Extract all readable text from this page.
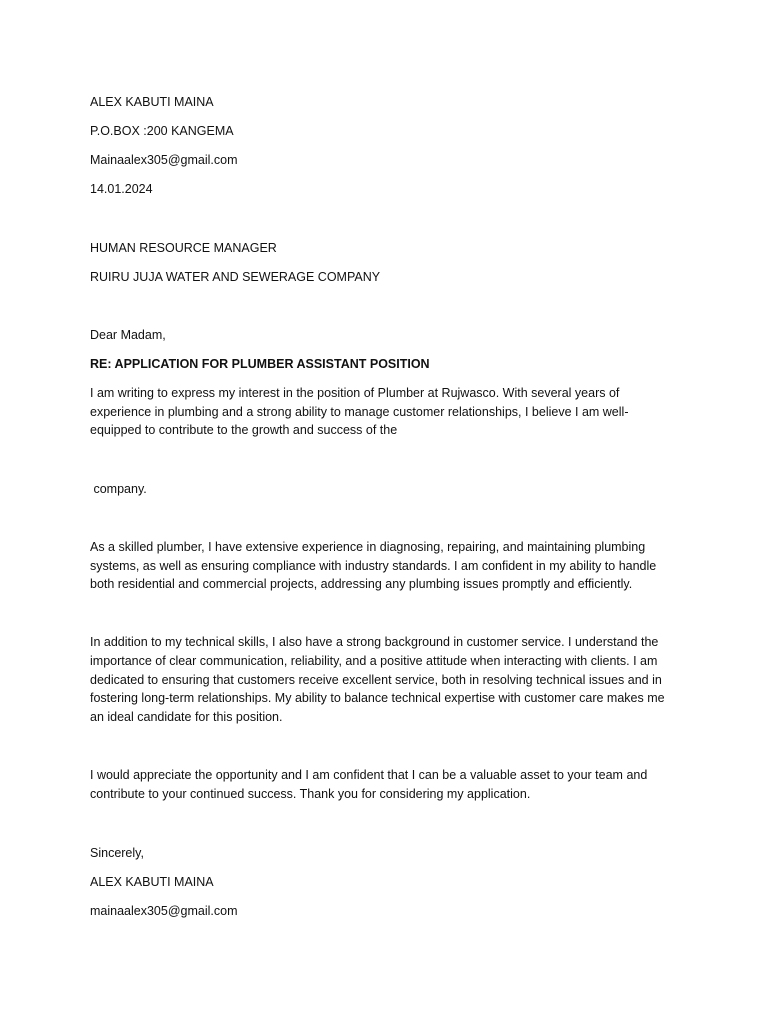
ALEX KABUTI MAINA

P.O.BOX :200 KANGEMA

Mainaalex305@gmail.com

14.01.2024

HUMAN RESOURCE MANAGER

RUIRU JUJA WATER AND SEWERAGE COMPANY

Dear Madam,

RE: APPLICATION FOR PLUMBER ASSISTANT POSITION

I am writing to express my interest in the position of Plumber at Rujwasco. With several years of

experience in plumbing and a strong ability to manage customer relationships, I believe I am well-

equipped to contribute to the growth and success of the

company.

As a skilled plumber, I have extensive experience in diagnosing, repairing, and maintaining plumbing

systems, as well as ensuring compliance with industry standards. I am confident in my ability to handle

both residential and commercial projects, addressing any plumbing issues promptly and efficiently.

In addition to my technical skills, I also have a strong background in customer service. I understand the

importance of clear communication, reliability, and a positive attitude when interacting with clients. I am

dedicated to ensuring that customers receive excellent service, both in resolving technical issues and in

fostering long-term relationships. My ability to balance technical expertise with customer care makes me

an ideal candidate for this position.

I would appreciate the opportunity and I am confident that I can be a valuable asset to your team and

contribute to your continued success. Thank you for considering my application.

Sincerely,

ALEX KABUTI MAINA

mainaalex305@gmail.com
